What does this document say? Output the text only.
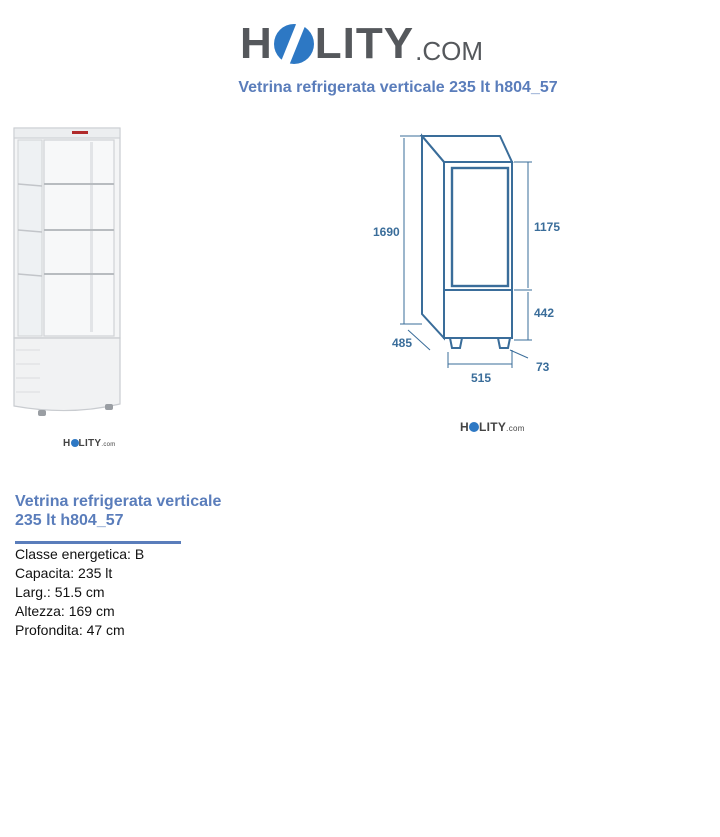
H LITY .COM
Vetrina refrigerata verticale 235 lt h804_57
H LITY.com
1690	1175
442
485
515
73
H LITY.com
Vetrina refrigerata verticale
235 lt h804_57
Classe energetica: B
Capacita: 235 lt
Larg.: 51.5 cm
Altezza: 169 cm
Profondita: 47 cm
